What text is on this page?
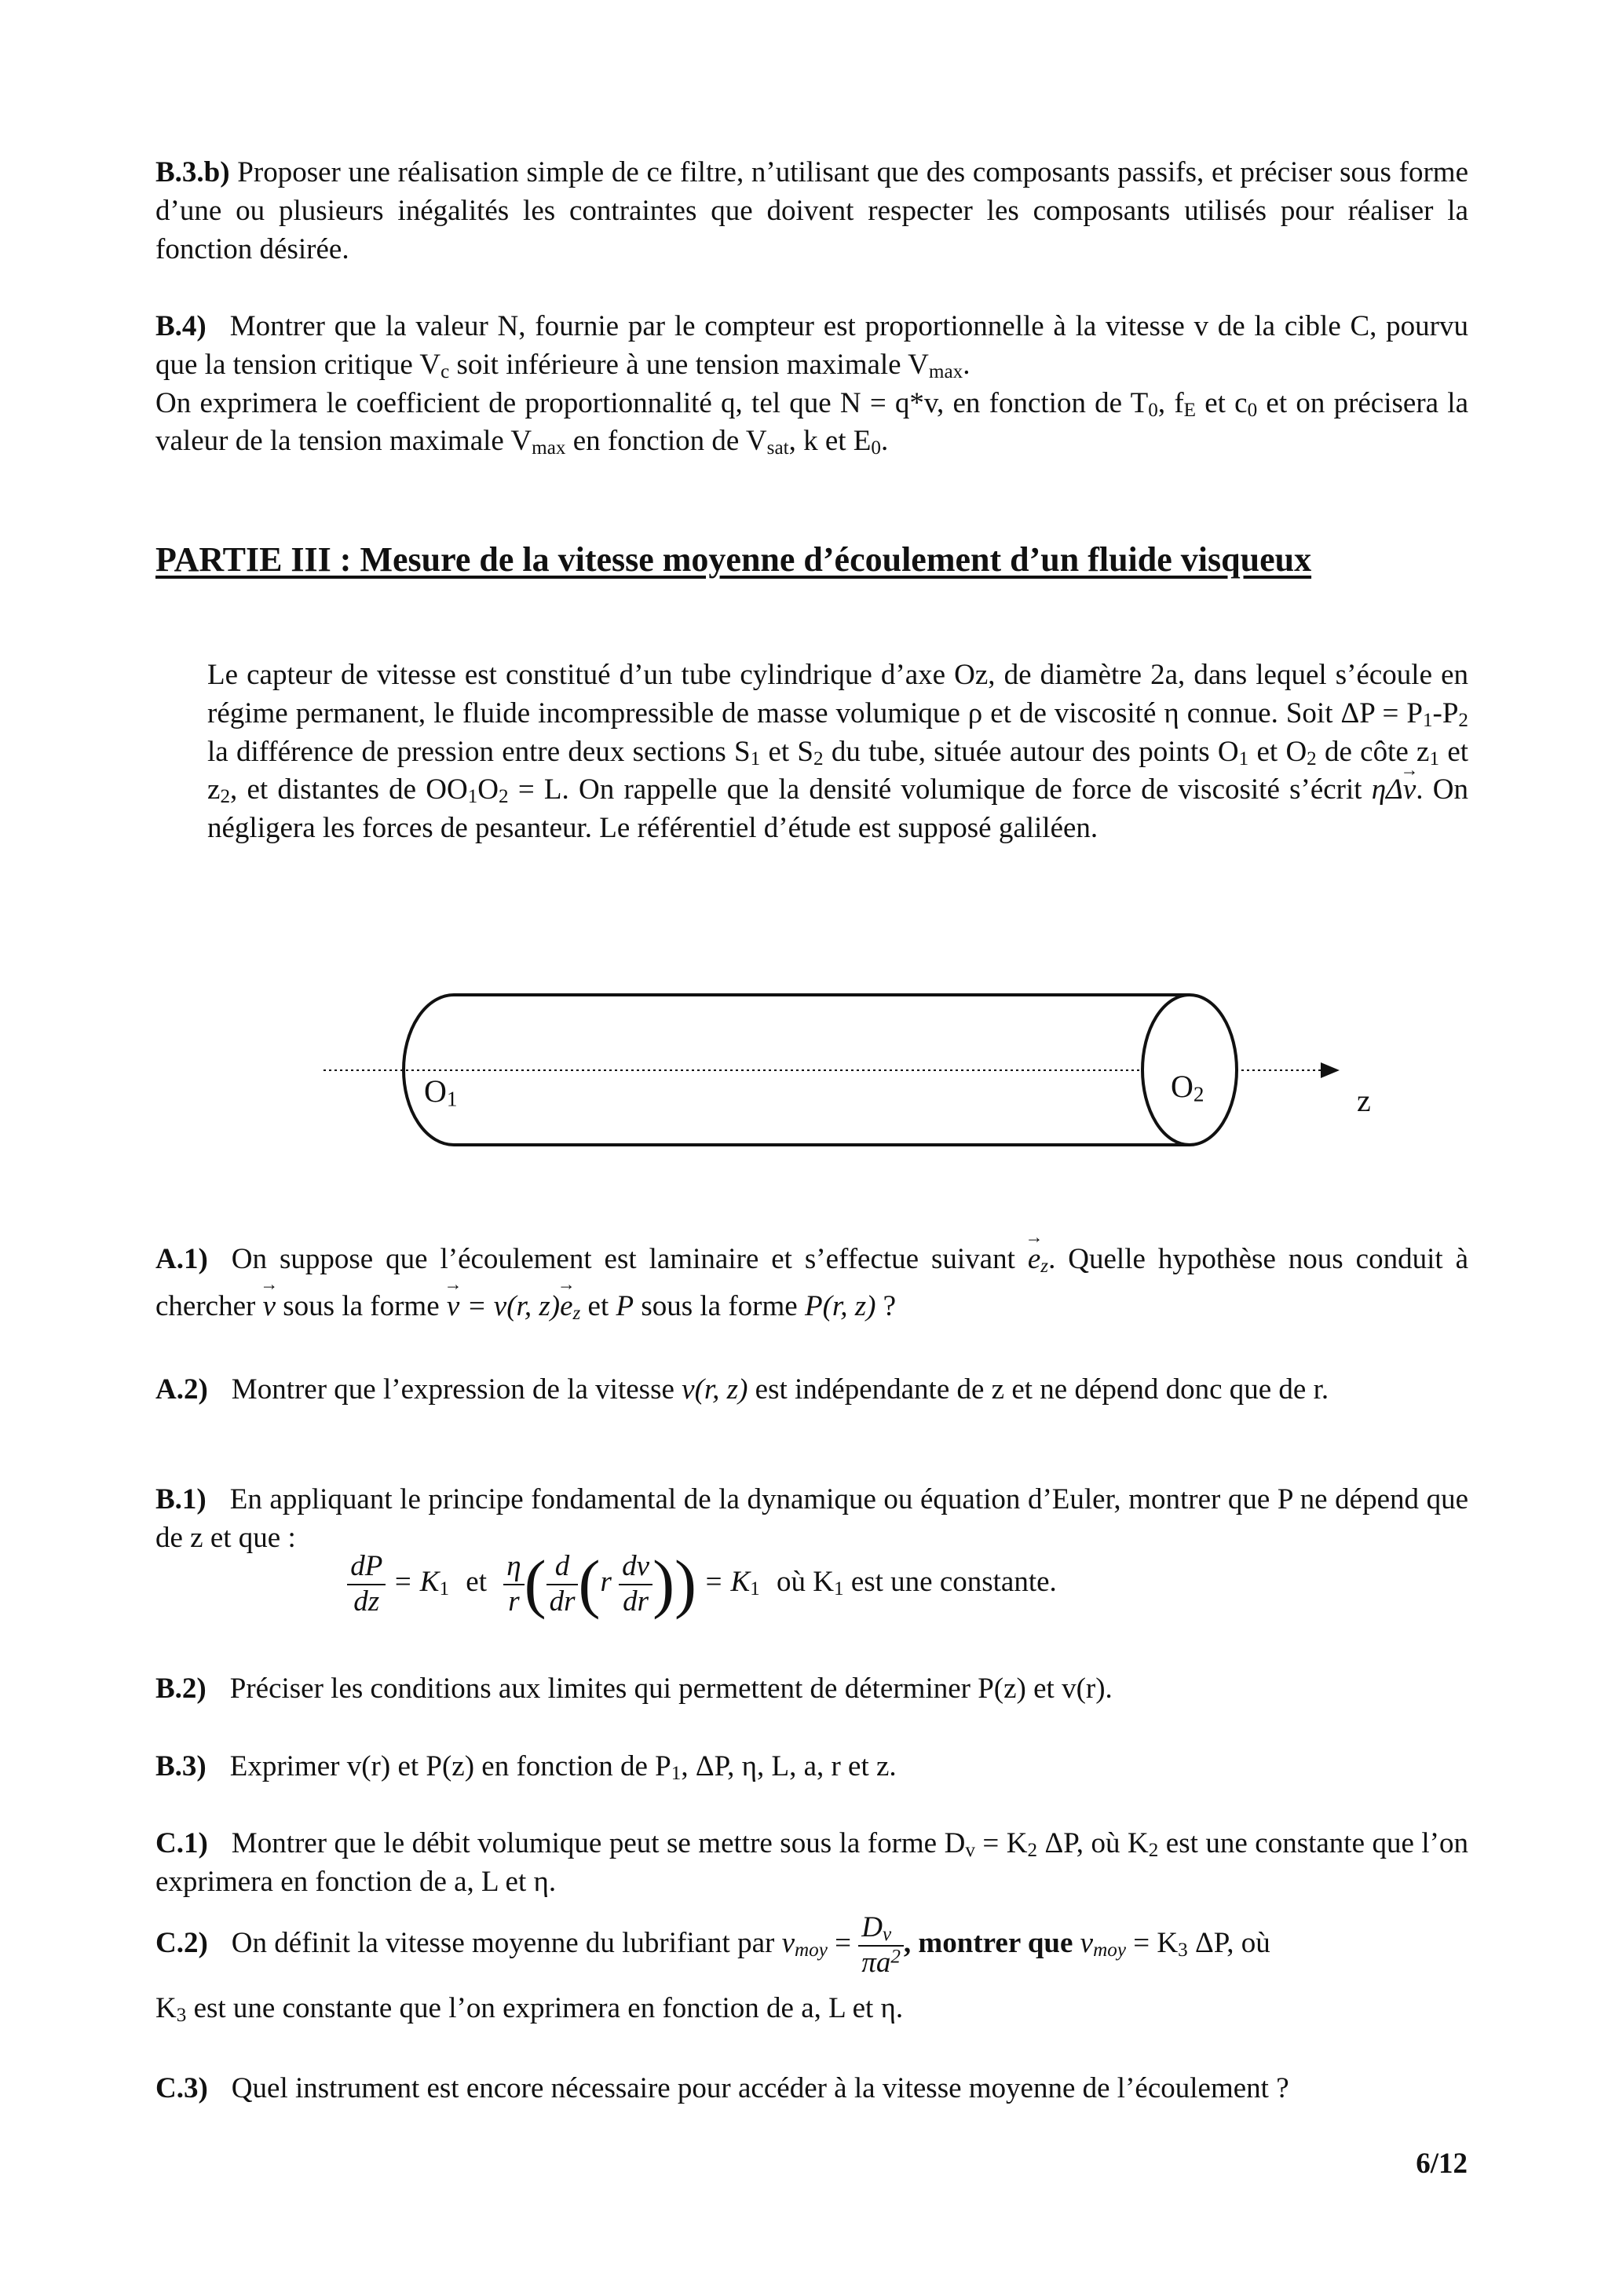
B.3.b) Proposer une réalisation simple de ce filtre, n’utilisant que des composants passifs, et préciser sous forme d’une ou plusieurs inégalités les contraintes que doivent respecter les composants utilisés pour réaliser la fonction désirée.
B.4) Montrer que la valeur N, fournie par le compteur est proportionnelle à la vitesse v de la cible C, pourvu que la tension critique $V_c$ soit inférieure à une tension maximale $V_{max}$.
On exprimera le coefficient de proportionnalité q, tel que N = q*v, en fonction de $T_0$, $f_E$ et $c_0$ et on précisera la valeur de la tension maximale $V_{max}$ en fonction de $V_{sat}$, k et $E_0$.
PARTIE III : Mesure de la vitesse moyenne d’écoulement d’un fluide visqueux
Le capteur de vitesse est constitué d’un tube cylindrique d’axe Oz, de diamètre 2a, dans lequel s’écoule en régime permanent, le fluide incompressible de masse volumique ρ et de viscosité η connue. Soit $\Delta P = P_1-P_2$ la différence de pression entre deux sections $S_1$ et $S_2$ du tube, située autour des points $O_1$ et $O_2$ de côte $z_1$ et $z_2$, et distantes de $OO_1O_2 = L$. On rappelle que la densité volumique de force de viscosité s’écrit ηΔ→ v. On négligera les forces de pesanteur. Le référentiel d’étude est supposé galiléen.
$O_1$	$O_2$	z
A.1) On suppose que l’écoulement est laminaire et s’effectue suivant → $e_z$. Quelle hypothèse nous conduit à chercher → v sous la forme → v = v(r, $z)\to e_z$ et P sous la forme P(r, z) ?
A.2) Montrer que l’expression de la vitesse v(r, z) est indépendante de z et ne dépend donc que de r.
B.1) En appliquant le principe fondamental de la dynamique ou équation d’Euler, montrer que P ne dépend que de z et que :
$\frac{dP}{dz} = K_1$ et $\frac{\eta}{r}$ ( $\frac{d}{dr} (r \frac{dv}{dr}$ )) = $K_1$ où $K_1$ est une constante.
B.2) Préciser les conditions aux limites qui permettent de déterminer P(z) et v(r).
B.3) Exprimer v(r) et P(z) en fonction de $P_1$, ΔP, η, L, a, r et z.
C.1) Montrer que le débit volumique peut se mettre sous la forme $D_v = K_2$ ΔP, où $K_2$ est une constante que l’on exprimera en fonction de a, L et η.
C.2) On définit la vitesse moyenne du lubrifiant par $v_{moy} = \frac{D_v}{\pi a^2}$ , montrer que $v_{moy} = K_3$ ΔP, où
$K_3$ est une constante que l’on exprimera en fonction de a, L et η.
C.3) Quel instrument est encore nécessaire pour accéder à la vitesse moyenne de l’écoulement ?
6/12
